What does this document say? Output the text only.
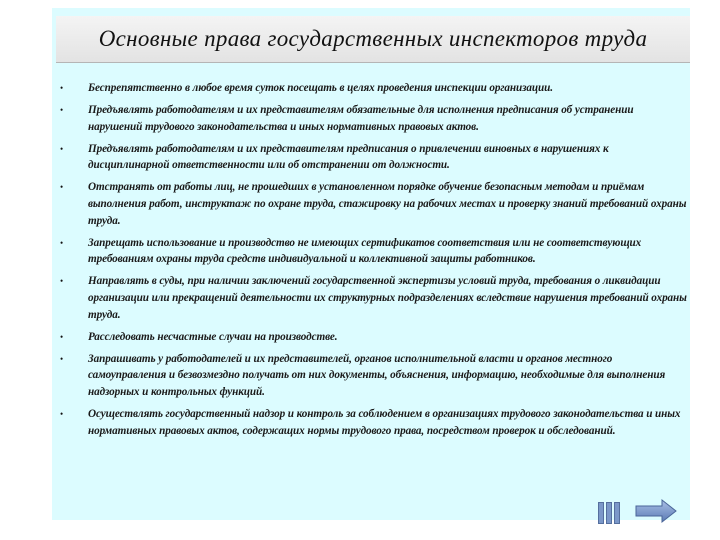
Основные права государственных инспекторов труда
•	Беспрепятственно в любое время суток посещать в целях проведения инспекции организации.
•	Предъявлять работодателям и их представителям обязательные для исполнения предписания об устранении нарушений трудового законодательства и иных нормативных правовых актов.
•	Предъявлять работодателям и их представителям предписания о привлечении виновных в нарушениях к дисциплинарной ответственности или об отстранении от должности.
•	Отстранять от работы лиц, не прошедших в установленном порядке обучение безопасным методам и приёмам выполнения работ, инструктаж по охране труда, стажировку на рабочих местах и проверку знаний требований охраны труда.
•	Запрещать использование и производство не имеющих сертификатов соответствия или не соответствующих требованиям охраны труда средств индивидуальной и коллективной защиты работников.
•	Направлять в суды, при наличии заключений государственной экспертизы условий труда, требования о ликвидации организации или прекращений деятельности их структурных подразделениях вследствие нарушения требований охраны труда.
•	Расследовать несчастные случаи на производстве.
•	Запрашивать у работодателей и их представителей, органов исполнительной власти и органов местного самоуправления и безвозмездно получать от них документы, объяснения, информацию, необходимые для выполнения надзорных и контрольных функций.
•	Осуществлять государственный надзор и контроль за соблюдением в организациях трудового законодательства и иных нормативных правовых актов, содержащих нормы трудового права, посредством проверок и обследований.
